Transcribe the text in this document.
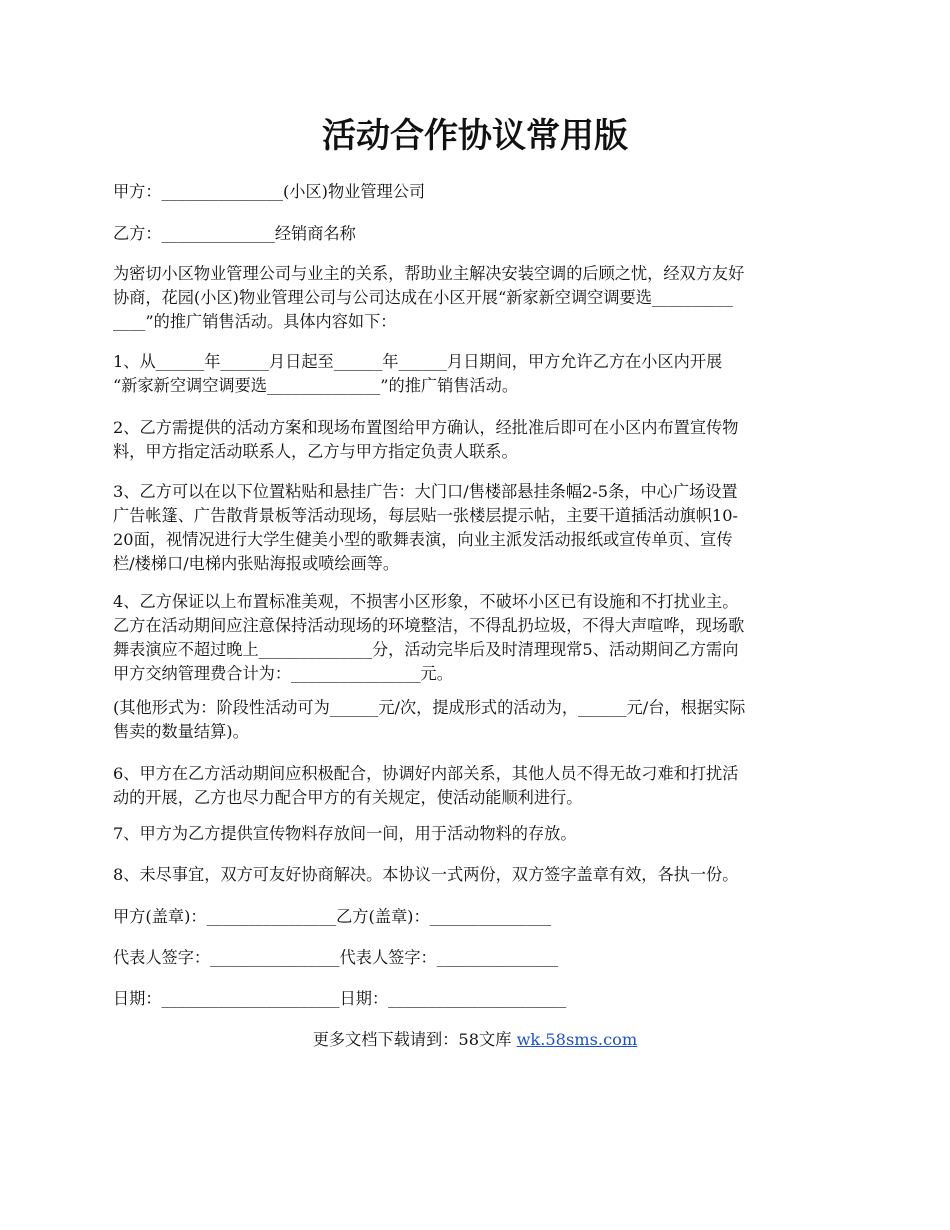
活动合作协议常用版

甲方：_______________(小区)物业管理公司

乙方：______________经销商名称

为密切小区物业管理公司与业主的关系，帮助业主解决安装空调的后顾之忧，经双方友好
协商，花园(小区)物业管理公司与公司达成在小区开展“新家新空调空调要选__________
____”的推广销售活动。具体内容如下：
1、从______年______月日起至______年______月日期间，甲方允许乙方在小区内开展
“新家新空调空调要选______________”的推广销售活动。
2、乙方需提供的活动方案和现场布置图给甲方确认，经批准后即可在小区内布置宣传物
料，甲方指定活动联系人，乙方与甲方指定负责人联系。
3、乙方可以在以下位置粘贴和悬挂广告：大门口/售楼部悬挂条幅2-5条，中心广场设置
广告帐篷、广告散背景板等活动现场，每层贴一张楼层提示帖，主要干道插活动旗帜10-
20面，视情况进行大学生健美小型的歌舞表演，向业主派发活动报纸或宣传单页、宣传
栏/楼梯口/电梯内张贴海报或喷绘画等。
4、乙方保证以上布置标准美观，不损害小区形象，不破坏小区已有设施和不打扰业主。
乙方在活动期间应注意保持活动现场的环境整洁，不得乱扔垃圾，不得大声喧哗，现场歌
舞表演应不超过晚上______________分，活动完毕后及时清理现常5、活动期间乙方需向
甲方交纳管理费合计为：________________元。
(其他形式为：阶段性活动可为______元/次，提成形式的活动为，______元/台，根据实际
售卖的数量结算)。
6、甲方在乙方活动期间应积极配合，协调好内部关系，其他人员不得无故刁难和打扰活
动的开展，乙方也尽力配合甲方的有关规定，使活动能顺利进行。

7、甲方为乙方提供宣传物料存放间一间，用于活动物料的存放。

8、未尽事宜，双方可友好协商解决。本协议一式两份，双方签字盖章有效，各执一份。

甲方(盖章)：________________乙方(盖章)：_______________

代表人签字：________________代表人签字：_______________

日期：______________________日期：______________________

更多文档下载请到：58文库 wk.58sms.com
